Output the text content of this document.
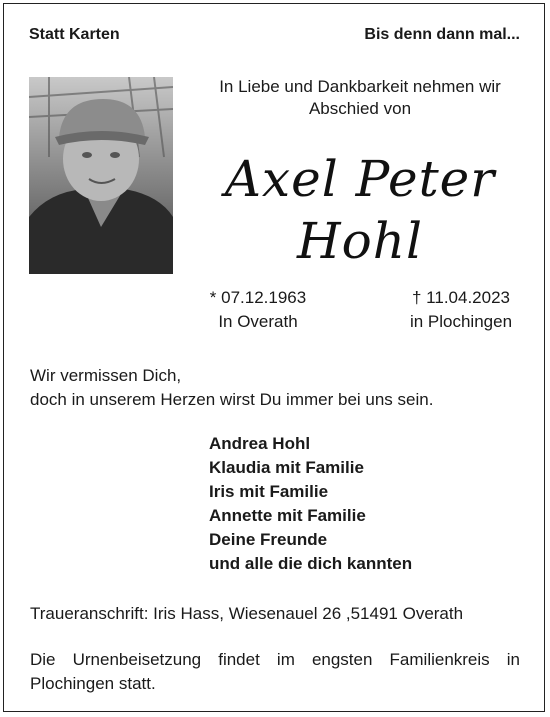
Statt Karten	Bis denn dann mal...
In Liebe und Dankbarkeit nehmen wir
Abschied von
Axel Peter
Hohl
* 07.12.1963
In Overath
† 11.04.2023
in Plochingen
Wir vermissen Dich,
doch in unserem Herzen wirst Du immer bei uns sein.
Andrea Hohl
Klaudia mit Familie
Iris mit Familie
Annette mit Familie
Deine Freunde
und alle die dich kannten
Traueranschrift: Iris Hass, Wiesenauel 26 ,51491 Overath
Die Urnenbeisetzung findet im engsten Familienkreis in Plochingen statt.
